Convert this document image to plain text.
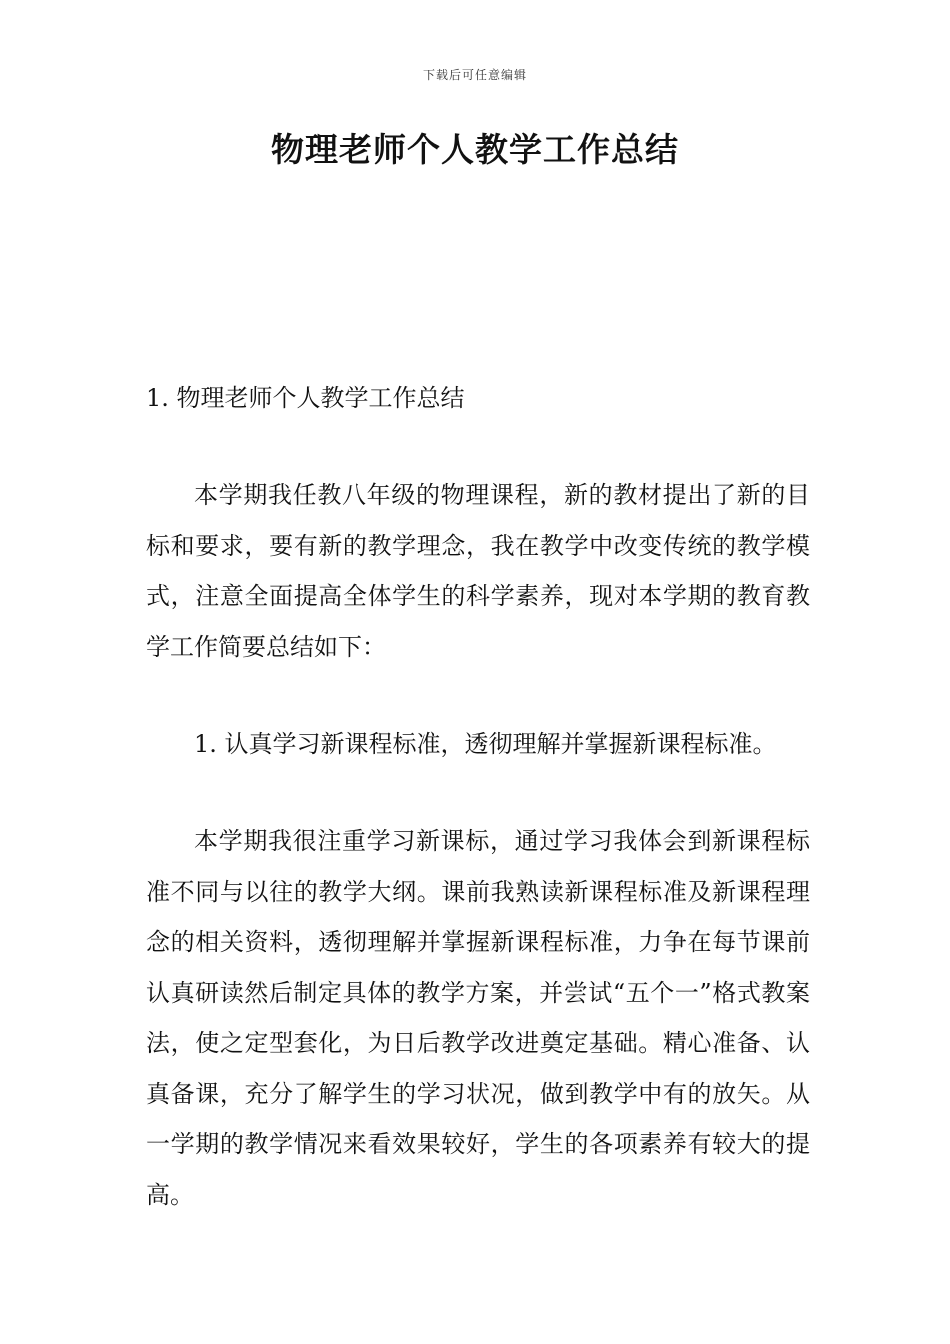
下载后可任意编辑
物理老师个人教学工作总结

1. 物理老师个人教学工作总结

本学期我任教八年级的物理课程，新的教材提出了新的目标和要求，要有新的教学理念，我在教学中改变传统的教学模式，注意全面提高全体学生的科学素养，现对本学期的教育教学工作简要总结如下：

1. 认真学习新课程标准，透彻理解并掌握新课程标准。

本学期我很注重学习新课标，通过学习我体会到新课程标准不同与以往的教学大纲。课前我熟读新课程标准及新课程理念的相关资料，透彻理解并掌握新课程标准，力争在每节课前认真研读然后制定具体的教学方案，并尝试“五个一”格式教案法，使之定型套化，为日后教学改进奠定基础。精心准备、认真备课，充分了解学生的学习状况，做到教学中有的放矢。从一学期的教学情况来看效果较好，学生的各项素养有较大的提高。
